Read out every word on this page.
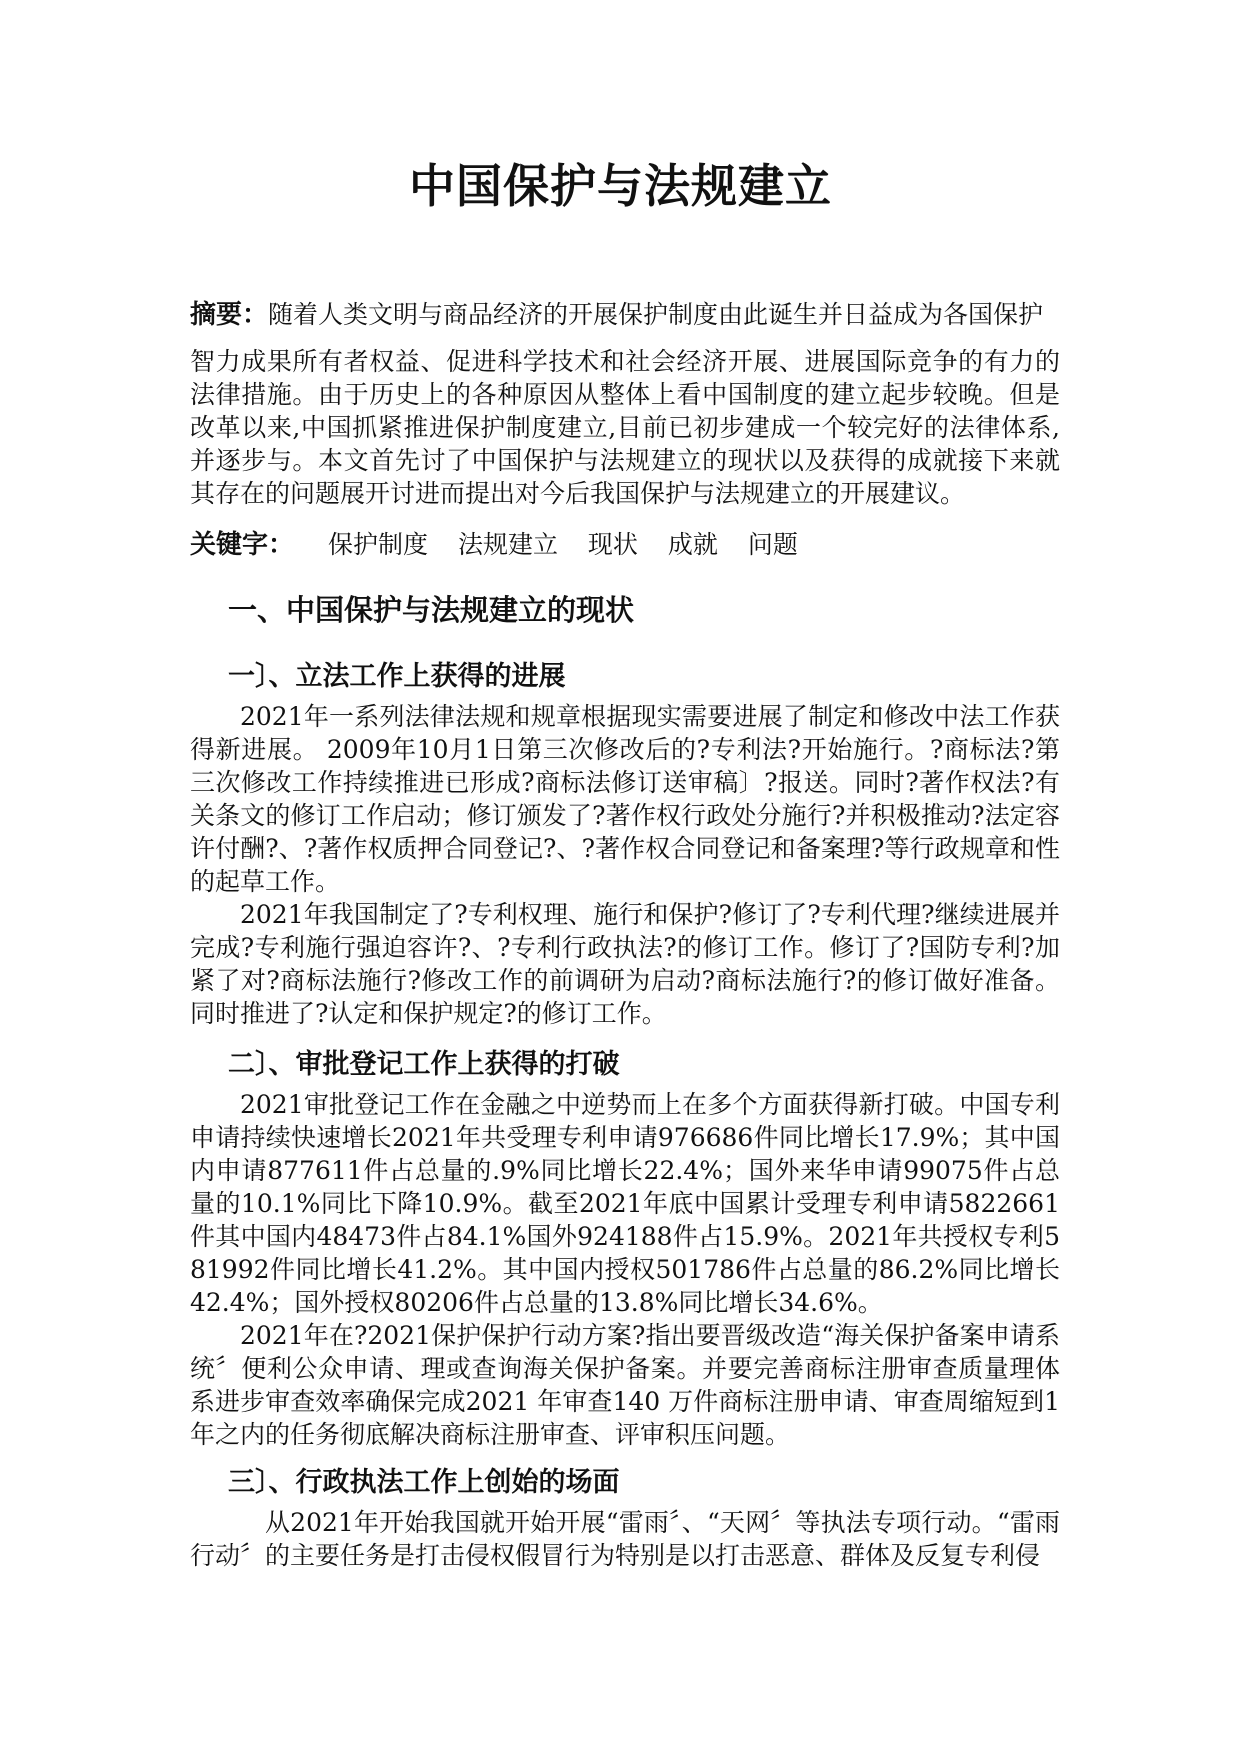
中国保护与法规建立
摘要：随着人类文明与商品经济的开展保护制度由此诞生并日益成为各国保护
智力成果所有者权益、促进科学技术和社会经济开展、进展国际竞争的有力的法律措施。由于历史上的各种原因从整体上看中国制度的建立起步较晚。但是改革以来,中国抓紧推进保护制度建立,目前已初步建成一个较完好的法律体系,并逐步与。本文首先讨了中国保护与法规建立的现状以及获得的成就接下来就其存在的问题展开讨进而提出对今后我国保护与法规建立的开展建议。
关键字： 保护制度 法规建立 现状 成就 问题
一、中国保护与法规建立的现状
一〕、立法工作上获得的进展

2021年一系列法律法规和规章根据现实需要进展了制定和修改中法工作获得新进展。 2009年10月1日第三次修改后的?专利法?开始施行。?商标法?第三次修改工作持续推进已形成?商标法修订送审稿〕?报送。同时?著作权法?有关条文的修订工作启动；修订颁发了?著作权行政处分施行?并积极推动?法定容许付酬?、?著作权质押合同登记?、?著作权合同登记和备案理?等行政规章和性的起草工作。

2021年我国制定了?专利权理、施行和保护?修订了?专利代理?继续进展并完成?专利施行强迫容许?、?专利行政执法?的修订工作。修订了?国防专利?加紧了对?商标法施行?修改工作的前调研为启动?商标法施行?的修订做好准备。同时推进了?认定和保护规定?的修订工作。

二〕、审批登记工作上获得的打破

2021审批登记工作在金融之中逆势而上在多个方面获得新打破。中国专利申请持续快速增长2021年共受理专利申请976686件同比增长17.9%；其中国内申请877611件占总量的.9%同比增长22.4%；国外来华申请99075件占总量的10.1%同比下降10.9%。截至2021年底中国累计受理专利申请5822661件其中国内48473件占84.1%国外924188件占15.9%。2021年共授权专利581992件同比增长41.2%。其中国内授权501786件占总量的86.2%同比增长42.4%；国外授权80206件占总量的13.8%同比增长34.6%。

2021年在?2021保护保护行动方案?指出要晋级改造“海关保护备案申请系统〞便利公众申请、理或查询海关保护备案。并要完善商标注册审查质量理体系进步审查效率确保完成2021 年审查140 万件商标注册申请、审查周缩短到1 年之内的任务彻底解决商标注册审查、评审积压问题。

三〕、行政执法工作上创始的场面

从2021年开始我国就开始开展“雷雨〞、“天网〞等执法专项行动。“雷雨行动〞的主要任务是打击侵权假冒行为特别是以打击恶意、群体及反复专利侵
